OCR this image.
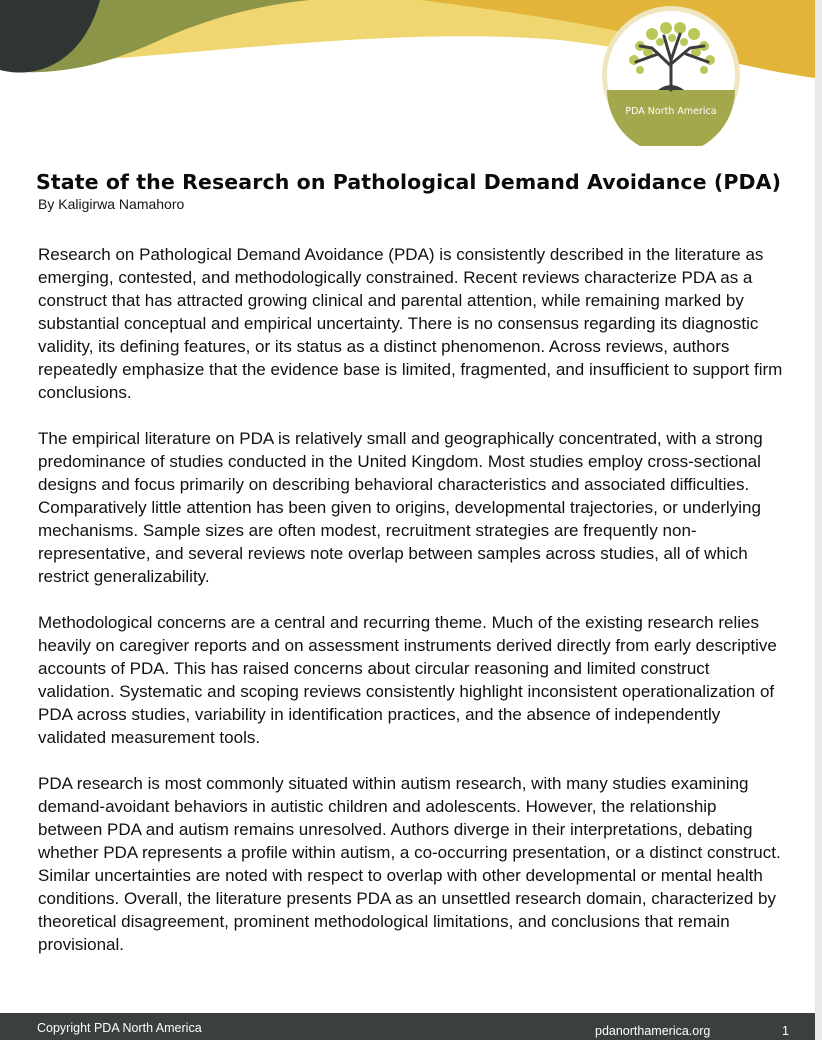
PDA North America
State of the Research on Pathological Demand Avoidance (PDA)
By Kaligirwa Namahoro

Research on Pathological Demand Avoidance (PDA) is consistently described in the literature as emerging, contested, and methodologically constrained. Recent reviews characterize PDA as a construct that has attracted growing clinical and parental attention, while remaining marked by substantial conceptual and empirical uncertainty. There is no consensus regarding its diagnostic validity, its defining features, or its status as a distinct phenomenon. Across reviews, authors repeatedly emphasize that the evidence base is limited, fragmented, and insufficient to support firm conclusions.

The empirical literature on PDA is relatively small and geographically concentrated, with a strong predominance of studies conducted in the United Kingdom. Most studies employ cross-sectional designs and focus primarily on describing behavioral characteristics and associated difficulties. Comparatively little attention has been given to origins, developmental trajectories, or underlying mechanisms. Sample sizes are often modest, recruitment strategies are frequently non-representative, and several reviews note overlap between samples across studies, all of which restrict generalizability.

Methodological concerns are a central and recurring theme. Much of the existing research relies heavily on caregiver reports and on assessment instruments derived directly from early descriptive accounts of PDA. This has raised concerns about circular reasoning and limited construct validation. Systematic and scoping reviews consistently highlight inconsistent operationalization of PDA across studies, variability in identification practices, and the absence of independently validated measurement tools.

PDA research is most commonly situated within autism research, with many studies examining demand-avoidant behaviors in autistic children and adolescents. However, the relationship between PDA and autism remains unresolved. Authors diverge in their interpretations, debating whether PDA represents a profile within autism, a co-occurring presentation, or a distinct construct. Similar uncertainties are noted with respect to overlap with other developmental or mental health conditions. Overall, the literature presents PDA as an unsettled research domain, characterized by theoretical disagreement, prominent methodological limitations, and conclusions that remain provisional.

Copyright PDA North America	pdanorthamerica.org	1
